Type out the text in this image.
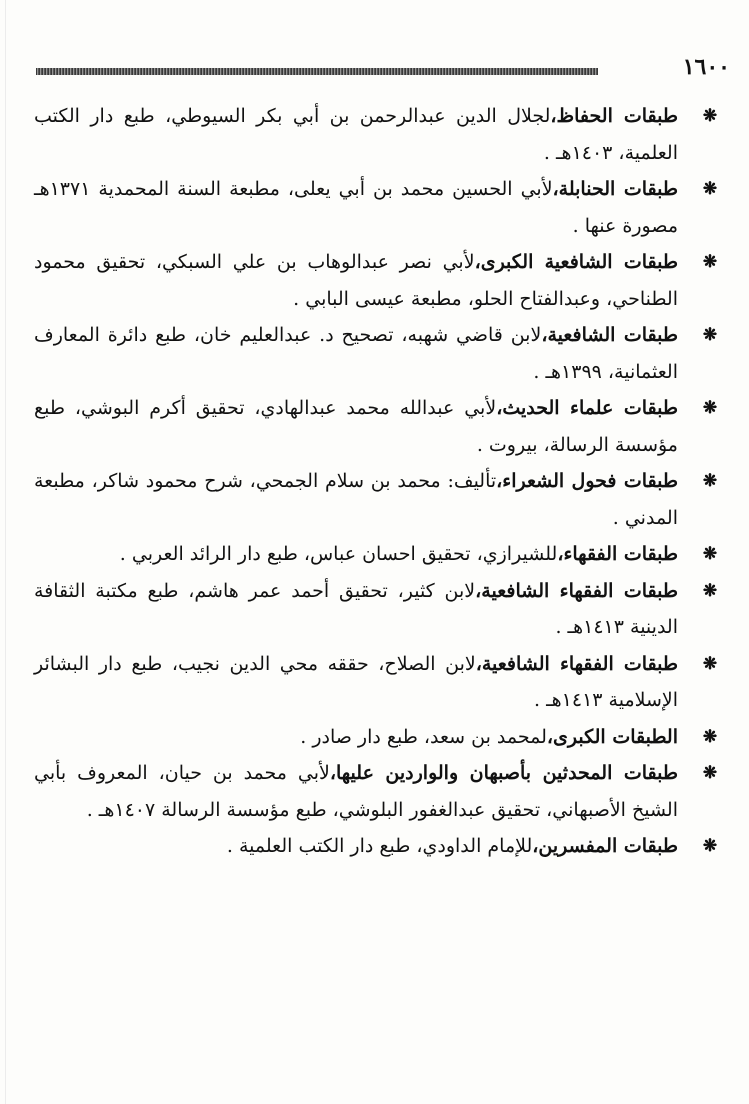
١٦٠٠

❋
طبقات الحفاظ،لجلال الدين عبدالرحمن بن أبي بكر السيوطي، طبع دار الكتب العلمية، ١٤٠٣هـ .

❋
طبقات الحنابلة،لأبي الحسين محمد بن أبي يعلى، مطبعة السنة المحمدية ١٣٧١هـ مصورة عنها .

❋
طبقات الشافعية الكبرى،لأبي نصر عبدالوهاب بن علي السبكي، تحقيق محمود الطناحي، وعبدالفتاح الحلو، مطبعة عيسى البابي .

❋
طبقات الشافعية،لابن قاضي شهبه، تصحيح د. عبدالعليم خان، طبع دائرة المعارف العثمانية، ١٣٩٩هـ .

❋
طبقات علماء الحديث،لأبي عبدالله محمد عبدالهادي، تحقيق أكرم البوشي، طبع مؤسسة الرسالة، بيروت .

❋
طبقات فحول الشعراء،تأليف: محمد بن سلام الجمحي، شرح محمود شاكر، مطبعة المدني .

❋
طبقات الفقهاء،للشيرازي، تحقيق احسان عباس، طبع دار الرائد العربي .

❋
طبقات الفقهاء الشافعية،لابن كثير، تحقيق أحمد عمر هاشم، طبع مكتبة الثقافة الدينية ١٤١٣هـ .

❋
طبقات الفقهاء الشافعية،لابن الصلاح، حققه محي الدين نجيب، طبع دار البشائر الإسلامية ١٤١٣هـ .

❋
الطبقات الكبرى،لمحمد بن سعد، طبع دار صادر .

❋
طبقات المحدثين بأصبهان والواردين عليها،لأبي محمد بن حيان، المعروف بأبي الشيخ الأصبهاني، تحقيق عبدالغفور البلوشي، طبع مؤسسة الرسالة ١٤٠٧هـ .

❋
طبقات المفسرين،للإمام الداودي، طبع دار الكتب العلمية .
